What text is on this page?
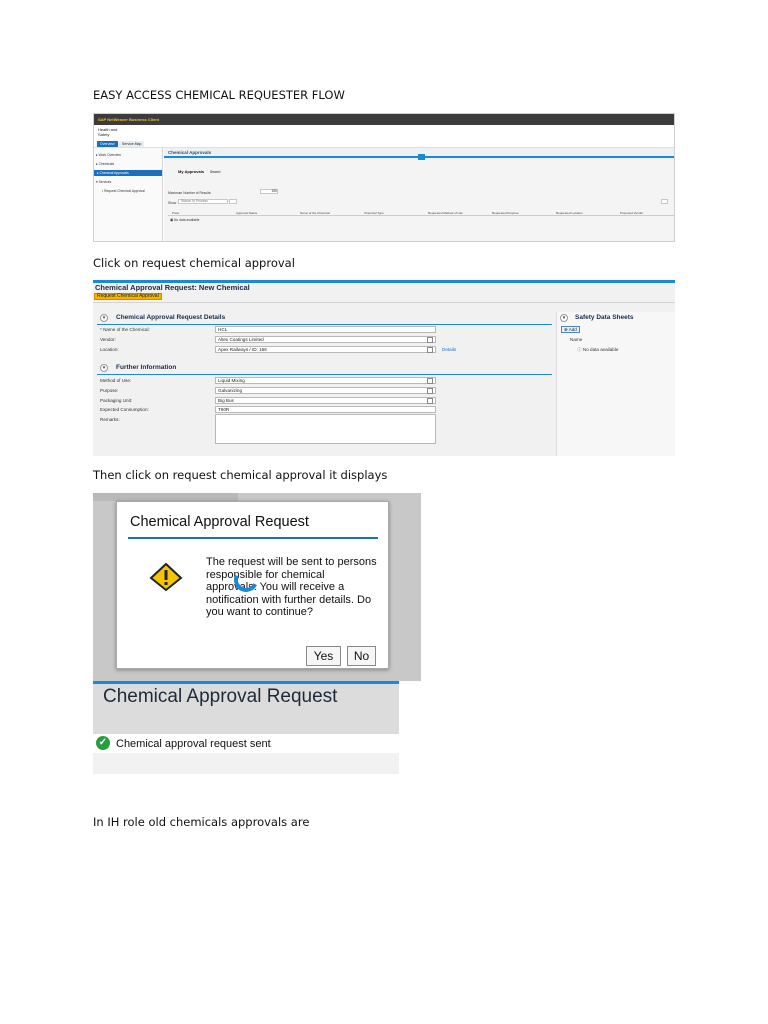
EASY ACCESS CHEMICAL REQUESTER FLOW
SAP NetWeaver Business Client
Health and
Safety
Overview	Service Map
▸ Work Overview
▸ Chemicals
▸ Chemical Approvals
▾ Services
• Request Chemical Approval
Chemical Approvals
My Approvals Search
Maximum Number of Results:	100
Show	Status: In Process
Prete	Approval Status	Name of the Chemical	Chemical Type	Requested Method of Use	Requested Purpose	Requested Location	Proposed Vendor
▣ No data available
Click on request chemical approval
Chemical Approval Request: New Chemical
Request Chemical Approval
▾	Chemical Approval Request Details
* Name of the Chemical:	HCL
Vendor:	Altex Coatings Limited
Location:	Apex Railways / ID: 166	Details
▾	Further Information
Method of Use:	Liquid Mixing
Purpose:	Galvanizing
Packaging Unit:	Big Bus
Expected Consumption:	T60R
Remarks:
▾	Safety Data Sheets
⊕ Add
Name
ⓘ No data available
Then click on request chemical approval it displays
Chemical Approval Request
The request will be sent to persons responsible for chemical approvals. You will receive a notification with further details. Do you want to continue?
Yes	No
Chemical Approval Request
✓ Chemical approval request sent
In IH role old chemicals approvals are
